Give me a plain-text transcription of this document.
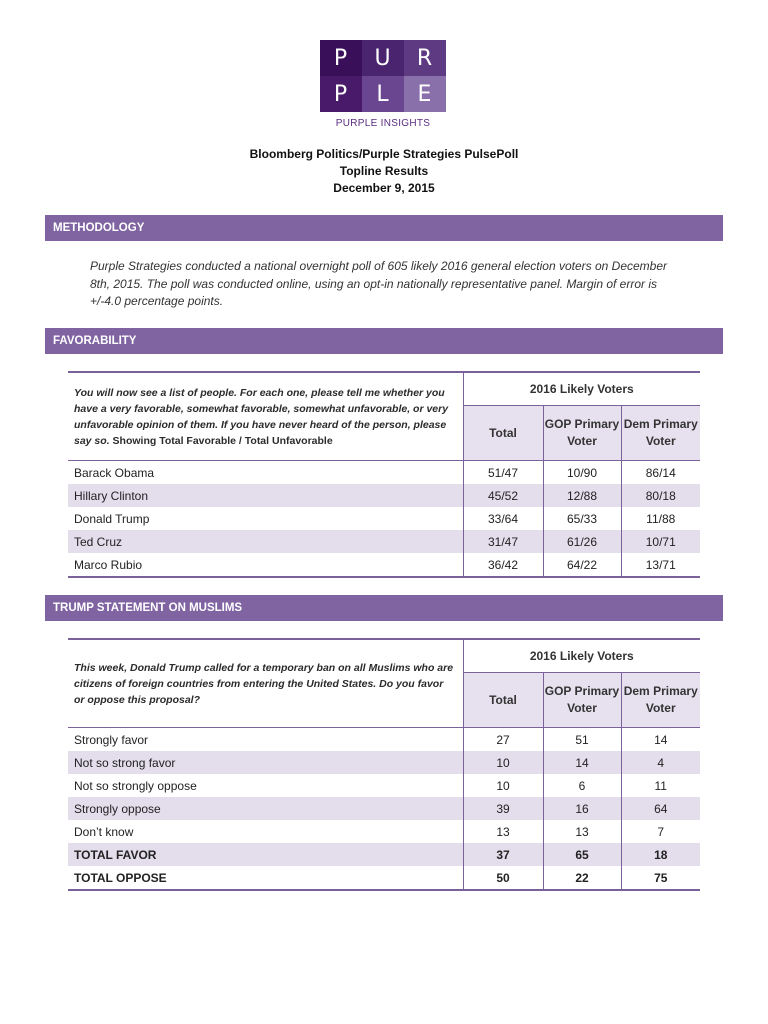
P	U	R
P	L	E
PURPLE INSIGHTS
Bloomberg Politics/Purple Strategies PulsePoll
Topline Results
December 9, 2015
METHODOLOGY
Purple Strategies conducted a national overnight poll of 605 likely 2016 general election voters on December 8th, 2015. The poll was conducted online, using an opt-in nationally representative panel. Margin of error is +/-4.0 percentage points.
FAVORABILITY
You will now see a list of people. For each one, please tell me whether you have a very favorable, somewhat favorable, somewhat unfavorable, or very unfavorable opinion of them. If you have never heard of the person, please say so. Showing Total Favorable / Total Unfavorable	2016 Likely Voters		
	Total	GOP Primary Voter	Dem Primary Voter
Barack Obama	51/47	10/90	86/14
Hillary Clinton	45/52	12/88	80/18
Donald Trump	33/64	65/33	11/88
Ted Cruz	31/47	61/26	10/71
Marco Rubio	36/42	64/22	13/71
TRUMP STATEMENT ON MUSLIMS
This week, Donald Trump called for a temporary ban on all Muslims who are citizens of foreign countries from entering the United States. Do you favor or oppose this proposal?	2016 Likely Voters		
	Total	GOP Primary Voter	Dem Primary Voter
Strongly favor	27	51	14
Not so strong favor	10	14	4
Not so strongly oppose	10	6	11
Strongly oppose	39	16	64
Don’t know	13	13	7
TOTAL FAVOR	37	65	18
TOTAL OPPOSE	50	22	75
